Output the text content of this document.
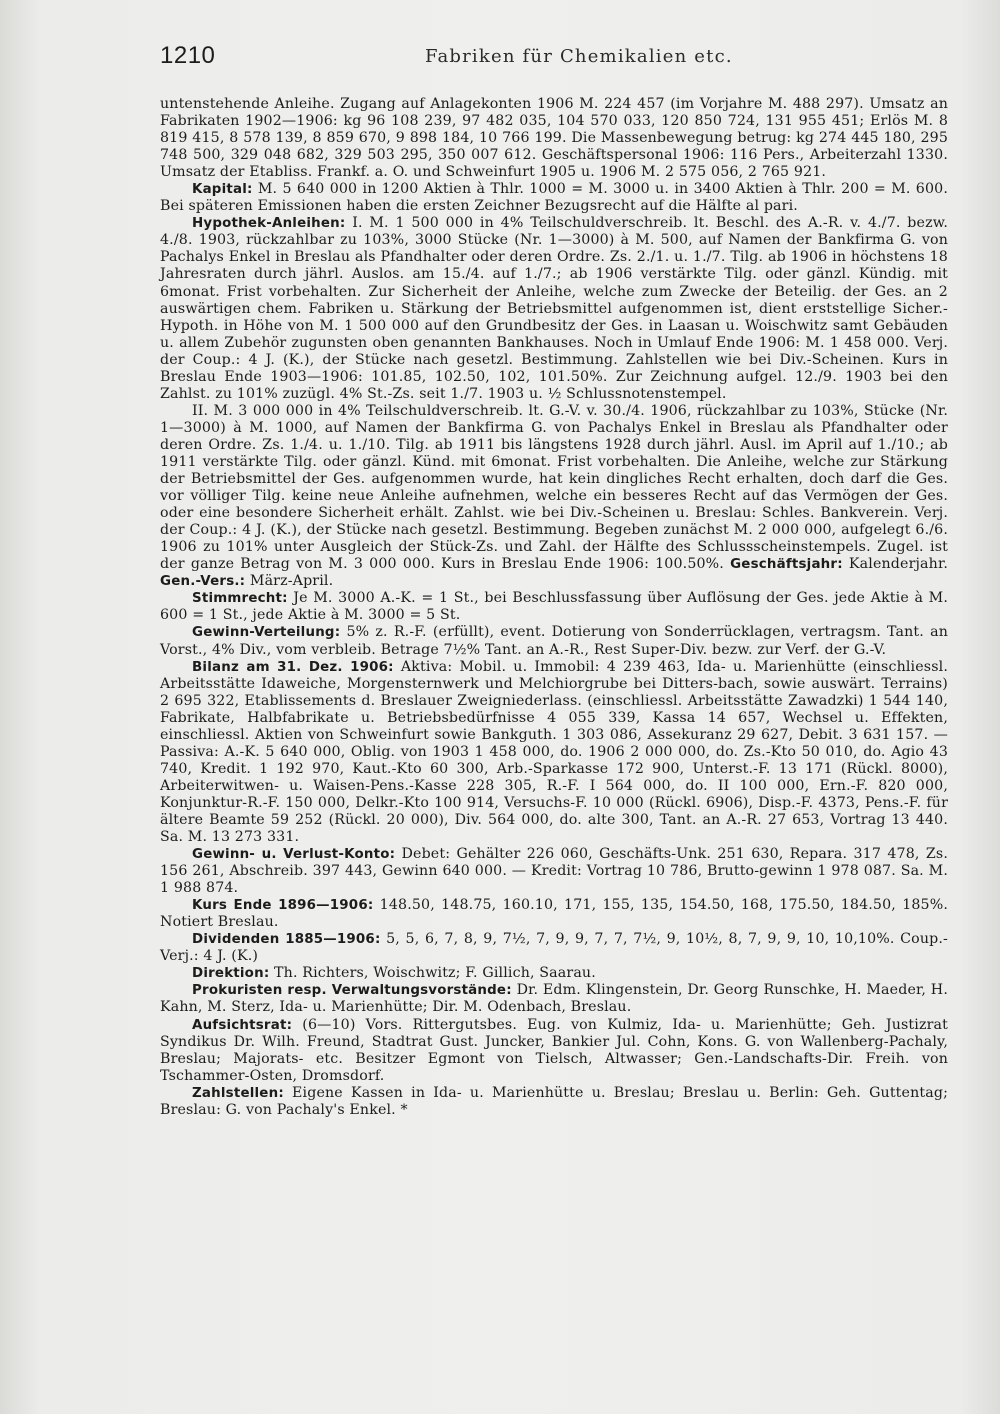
1210	Fabriken für Chemikalien etc.

untenstehende Anleihe. Zugang auf Anlagekonten 1906 M. 224 457 (im Vorjahre M. 488 297). Umsatz an Fabrikaten 1902—1906: kg 96 108 239, 97 482 035, 104 570 033, 120 850 724, 131 955 451; Erlös M. 8 819 415, 8 578 139, 8 859 670, 9 898 184, 10 766 199. Die Massenbewegung betrug: kg 274 445 180, 295 748 500, 329 048 682, 329 503 295, 350 007 612. Geschäftspersonal 1906: 116 Pers., Arbeiterzahl 1330. Umsatz der Etabliss. Frankf. a. O. und Schweinfurt 1905 u. 1906 M. 2 575 056, 2 765 921.

Kapital: M. 5 640 000 in 1200 Aktien à Thlr. 1000 = M. 3000 u. in 3400 Aktien à Thlr. 200 = M. 600. Bei späteren Emissionen haben die ersten Zeichner Bezugsrecht auf die Hälfte al pari.

Hypothek-Anleihen: I. M. 1 500 000 in 4% Teilschuldverschreib. lt. Beschl. des A.-R. v. 4./7. bezw. 4./8. 1903, rückzahlbar zu 103%, 3000 Stücke (Nr. 1—3000) à M. 500, auf Namen der Bankfirma G. von Pachalys Enkel in Breslau als Pfandhalter oder deren Ordre. Zs. 2./1. u. 1./7. Tilg. ab 1906 in höchstens 18 Jahresraten durch jährl. Auslos. am 15./4. auf 1./7.; ab 1906 verstärkte Tilg. oder gänzl. Kündig. mit 6monat. Frist vorbehalten. Zur Sicherheit der Anleihe, welche zum Zwecke der Beteilig. der Ges. an 2 auswärtigen chem. Fabriken u. Stärkung der Betriebsmittel aufgenommen ist, dient erststellige Sicher.-Hypoth. in Höhe von M. 1 500 000 auf den Grundbesitz der Ges. in Laasan u. Woischwitz samt Gebäuden u. allem Zubehör zugunsten oben genannten Bankhauses. Noch in Umlauf Ende 1906: M. 1 458 000. Verj. der Coup.: 4 J. (K.), der Stücke nach gesetzl. Bestimmung. Zahlstellen wie bei Div.-Scheinen. Kurs in Breslau Ende 1903—1906: 101.85, 102.50, 102, 101.50%. Zur Zeichnung aufgel. 12./9. 1903 bei den Zahlst. zu 101% zuzügl. 4% St.-Zs. seit 1./7. 1903 u. ½ Schlussnotenstempel.

II. M. 3 000 000 in 4% Teilschuldverschreib. lt. G.-V. v. 30./4. 1906, rückzahlbar zu 103%, Stücke (Nr. 1—3000) à M. 1000, auf Namen der Bankfirma G. von Pachalys Enkel in Breslau als Pfandhalter oder deren Ordre. Zs. 1./4. u. 1./10. Tilg. ab 1911 bis längstens 1928 durch jährl. Ausl. im April auf 1./10.; ab 1911 verstärkte Tilg. oder gänzl. Künd. mit 6monat. Frist vorbehalten. Die Anleihe, welche zur Stärkung der Betriebsmittel der Ges. aufgenommen wurde, hat kein dingliches Recht erhalten, doch darf die Ges. vor völliger Tilg. keine neue Anleihe aufnehmen, welche ein besseres Recht auf das Vermögen der Ges. oder eine besondere Sicherheit erhält. Zahlst. wie bei Div.-Scheinen u. Breslau: Schles. Bankverein. Verj. der Coup.: 4 J. (K.), der Stücke nach gesetzl. Bestimmung. Begeben zunächst M. 2 000 000, aufgelegt 6./6. 1906 zu 101% unter Ausgleich der Stück-Zs. und Zahl. der Hälfte des Schlussscheinstempels. Zugel. ist der ganze Betrag von M. 3 000 000. Kurs in Breslau Ende 1906: 100.50%. Geschäftsjahr: Kalenderjahr. Gen.-Vers.: März-April.

Stimmrecht: Je M. 3000 A.-K. = 1 St., bei Beschlussfassung über Auflösung der Ges. jede Aktie à M. 600 = 1 St., jede Aktie à M. 3000 = 5 St.

Gewinn-Verteilung: 5% z. R.-F. (erfüllt), event. Dotierung von Sonderrücklagen, vertragsm. Tant. an Vorst., 4% Div., vom verbleib. Betrage 7½% Tant. an A.-R., Rest Super-Div. bezw. zur Verf. der G.-V.

Bilanz am 31. Dez. 1906: Aktiva: Mobil. u. Immobil: 4 239 463, Ida- u. Marienhütte (einschliessl. Arbeitsstätte Idaweiche, Morgensternwerk und Melchiorgrube bei Ditters-bach, sowie auswärt. Terrains) 2 695 322, Etablissements d. Breslauer Zweigniederlass. (einschliessl. Arbeitsstätte Zawadzki) 1 544 140, Fabrikate, Halbfabrikate u. Betriebsbedürfnisse 4 055 339, Kassa 14 657, Wechsel u. Effekten, einschliessl. Aktien von Schweinfurt sowie Bankguth. 1 303 086, Assekuranz 29 627, Debit. 3 631 157. — Passiva: A.-K. 5 640 000, Oblig. von 1903 1 458 000, do. 1906 2 000 000, do. Zs.-Kto 50 010, do. Agio 43 740, Kredit. 1 192 970, Kaut.-Kto 60 300, Arb.-Sparkasse 172 900, Unterst.-F. 13 171 (Rückl. 8000), Arbeiterwitwen- u. Waisen-Pens.-Kasse 228 305, R.-F. I 564 000, do. II 100 000, Ern.-F. 820 000, Konjunktur-R.-F. 150 000, Delkr.-Kto 100 914, Versuchs-F. 10 000 (Rückl. 6906), Disp.-F. 4373, Pens.-F. für ältere Beamte 59 252 (Rückl. 20 000), Div. 564 000, do. alte 300, Tant. an A.-R. 27 653, Vortrag 13 440. Sa. M. 13 273 331.

Gewinn- u. Verlust-Konto: Debet: Gehälter 226 060, Geschäfts-Unk. 251 630, Repara. 317 478, Zs. 156 261, Abschreib. 397 443, Gewinn 640 000. — Kredit: Vortrag 10 786, Brutto-gewinn 1 978 087. Sa. M. 1 988 874.

Kurs Ende 1896—1906: 148.50, 148.75, 160.10, 171, 155, 135, 154.50, 168, 175.50, 184.50, 185%. Notiert Breslau.

Dividenden 1885—1906: 5, 5, 6, 7, 8, 9, 7½, 7, 9, 9, 7, 7, 7½, 9, 10½, 8, 7, 9, 9, 10, 10,10%. Coup.-Verj.: 4 J. (K.)

Direktion: Th. Richters, Woischwitz; F. Gillich, Saarau.

Prokuristen resp. Verwaltungsvorstände: Dr. Edm. Klingenstein, Dr. Georg Runschke, H. Maeder, H. Kahn, M. Sterz, Ida- u. Marienhütte; Dir. M. Odenbach, Breslau.

Aufsichtsrat: (6—10) Vors. Rittergutsbes. Eug. von Kulmiz, Ida- u. Marienhütte; Geh. Justizrat Syndikus Dr. Wilh. Freund, Stadtrat Gust. Juncker, Bankier Jul. Cohn, Kons. G. von Wallenberg-Pachaly, Breslau; Majorats- etc. Besitzer Egmont von Tielsch, Altwasser; Gen.-Landschafts-Dir. Freih. von Tschammer-Osten, Dromsdorf.

Zahlstellen: Eigene Kassen in Ida- u. Marienhütte u. Breslau; Breslau u. Berlin: Geh. Guttentag; Breslau: G. von Pachaly's Enkel. *
